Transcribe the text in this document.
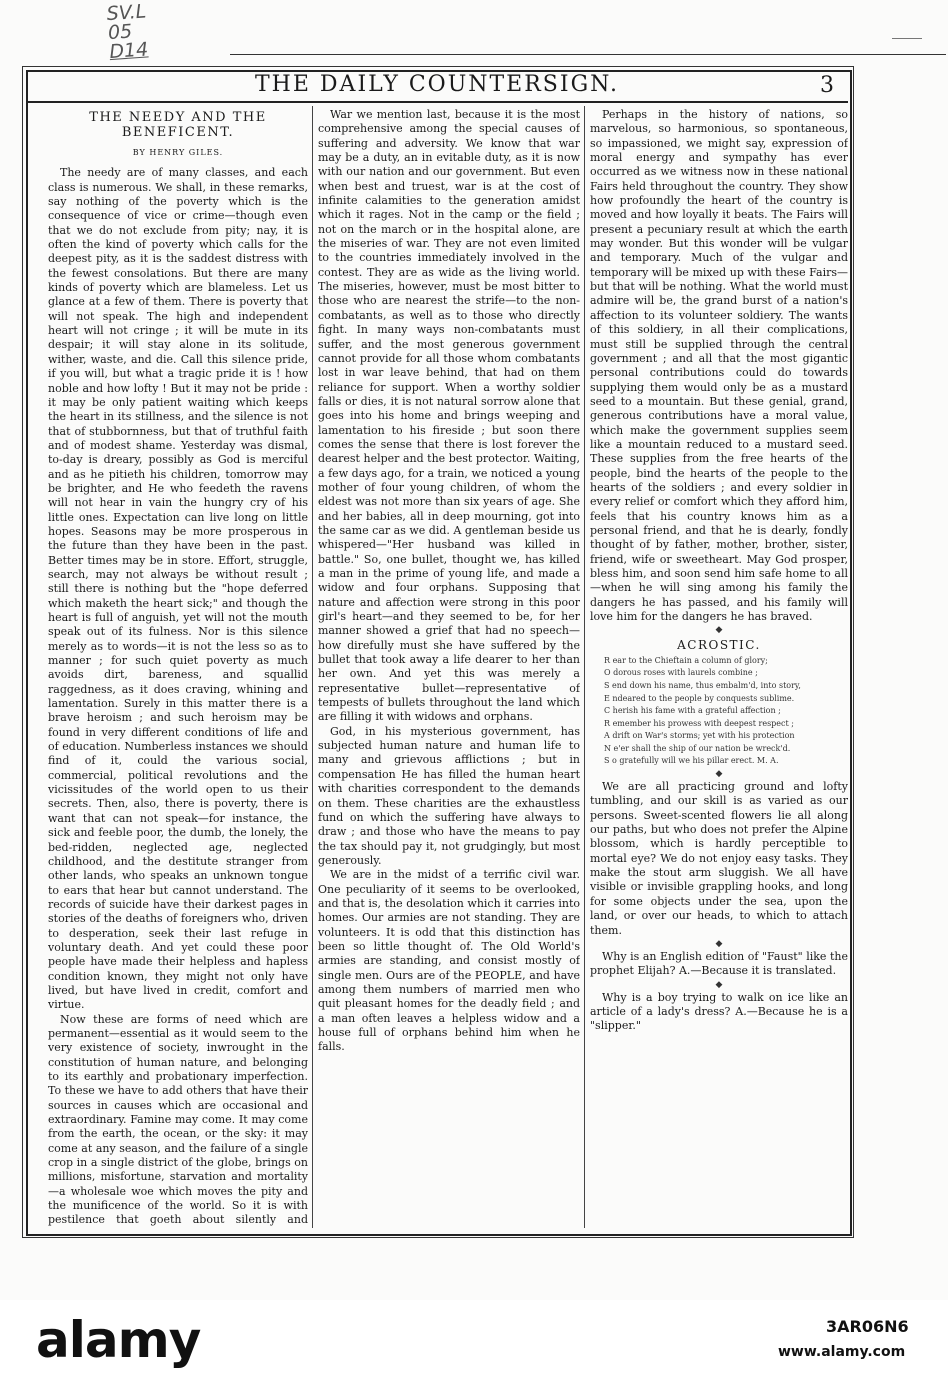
SV.L
05
D14
THE DAILY COUNTERSIGN.	3
THE NEEDY AND THE BENEFICENT.
BY HENRY GILES.

The needy are of many classes, and each class is numerous. We shall, in these remarks, say nothing of the poverty which is the consequence of vice or crime—though even that we do not exclude from pity; nay, it is often the kind of poverty which calls for the deepest pity, as it is the saddest distress with the fewest consolations. But there are many kinds of poverty which are blameless. Let us glance at a few of them. There is poverty that will not speak. The high and independent heart will not cringe ; it will be mute in its despair; it will stay alone in its solitude, wither, waste, and die. Call this silence pride, if you will, but what a tragic pride it is ! how noble and how lofty ! But it may not be pride : it may be only patient waiting which keeps the heart in its stillness, and the silence is not that of stubbornness, but that of truthful faith and of modest shame. Yesterday was dismal, to-day is dreary, possibly as God is merciful and as he pitieth his children, tomorrow may be brighter, and He who feedeth the ravens will not hear in vain the hungry cry of his little ones. Expectation can live long on little hopes. Seasons may be more prosperous in the future than they have been in the past. Better times may be in store. Effort, struggle, search, may not always be without result ; still there is nothing but the "hope deferred which maketh the heart sick;" and though the heart is full of anguish, yet will not the mouth speak out of its fulness. Nor is this silence merely as to words—it is not the less so as to manner ; for such quiet poverty as much avoids dirt, bareness, and squallid raggedness, as it does craving, whining and lamentation. Surely in this matter there is a brave heroism ; and such heroism may be found in very different conditions of life and of education. Numberless instances we should find of it, could the various social, commercial, political revolutions and the vicissitudes of the world open to us their secrets. Then, also, there is poverty, there is want that can not speak—for instance, the sick and feeble poor, the dumb, the lonely, the bed-ridden, neglected age, neglected childhood, and the destitute stranger from other lands, who speaks an unknown tongue to ears that hear but cannot understand. The records of suicide have their darkest pages in stories of the deaths of foreigners who, driven to desperation, seek their last refuge in voluntary death. And yet could these poor people have made their helpless and hapless condition known, they might not only have lived, but have lived in credit, comfort and virtue.

Now these are forms of need which are permanent—essential as it would seem to the very existence of society, inwrought in the constitution of human nature, and belonging to its earthly and probationary imperfection. To these we have to add others that have their sources in causes which are occasional and extraordinary. Famine may come. It may come from the earth, the ocean, or the sky: it may come at any season, and the failure of a single crop in a single district of the globe, brings on millions, misfortune, starvation and mortality—a wholesale woe which moves the pity and the munificence of the world. So it is with pestilence that goeth about silently and

War we mention last, because it is the most comprehensive among the special causes of suffering and adversity. We know that war may be a duty, an in evitable duty, as it is now with our nation and our government. But even when best and truest, war is at the cost of infinite calamities to the generation amidst which it rages. Not in the camp or the field ; not on the march or in the hospital alone, are the miseries of war. They are not even limited to the countries immediately involved in the contest. They are as wide as the living world. The miseries, however, must be most bitter to those who are nearest the strife—to the non-combatants, as well as to those who directly fight. In many ways non-combatants must suffer, and the most generous government cannot provide for all those whom combatants lost in war leave behind, that had on them reliance for support. When a worthy soldier falls or dies, it is not natural sorrow alone that goes into his home and brings weeping and lamentation to his fireside ; but soon there comes the sense that there is lost forever the dearest helper and the best protector. Waiting, a few days ago, for a train, we noticed a young mother of four young children, of whom the eldest was not more than six years of age. She and her babies, all in deep mourning, got into the same car as we did. A gentleman beside us whispered—"Her husband was killed in battle." So, one bullet, thought we, has killed a man in the prime of young life, and made a widow and four orphans. Supposing that nature and affection were strong in this poor girl's heart—and they seemed to be, for her manner showed a grief that had no speech—how direfully must she have suffered by the bullet that took away a life dearer to her than her own. And yet this was merely a representative bullet—representative of tempests of bullets throughout the land which are filling it with widows and orphans.

God, in his mysterious government, has subjected human nature and human life to many and grievous afflictions ; but in compensation He has filled the human heart with charities correspondent to the demands on them. These charities are the exhaustless fund on which the suffering have always to draw ; and those who have the means to pay the tax should pay it, not grudgingly, but most generously.

We are in the midst of a terrific civil war. One peculiarity of it seems to be overlooked, and that is, the desolation which it carries into homes. Our armies are not standing. They are volunteers. It is odd that this distinction has been so little thought of. The Old World's armies are standing, and consist mostly of single men. Ours are of the PEOPLE, and have among them numbers of married men who quit pleasant homes for the deadly field ; and a man often leaves a helpless widow and a house full of orphans behind him when he falls.

Perhaps in the history of nations, so marvelous, so harmonious, so spontaneous, so impassioned, we might say, expression of moral energy and sympathy has ever occurred as we witness now in these national Fairs held throughout the country. They show how profoundly the heart of the country is moved and how loyally it beats. The Fairs will present a pecuniary result at which the earth may wonder. But this wonder will be vulgar and temporary. Much of the vulgar and temporary will be mixed up with these Fairs—but that will be nothing. What the world must admire will be, the grand burst of a nation's affection to its volunteer soldiery. The wants of this soldiery, in all their complications, must still be supplied through the central government ; and all that the most gigantic personal contributions could do towards supplying them would only be as a mustard seed to a mountain. But these genial, grand, generous contributions have a moral value, which make the government supplies seem like a mountain reduced to a mustard seed. These supplies from the free hearts of the people, bind the hearts of the people to the hearts of the soldiers ; and every soldier in every relief or comfort which they afford him, feels that his country knows him as a personal friend, and that he is dearly, fondly thought of by father, mother, brother, sister, friend, wife or sweetheart. May God prosper, bless him, and soon send him safe home to all—when he will sing among his family the dangers he has passed, and his family will love him for the dangers he has braved.

◆
ACROSTIC.
R ear to the Chieftain a column of glory;
O dorous roses with laurels combine ;
S end down his name, thus embalm'd, into story,
E ndeared to the people by conquests sublime.
C herish his fame with a grateful affection ;
R emember his prowess with deepest respect ;
A drift on War's storms; yet with his protection
N e'er shall the ship of our nation be wreck'd.
S o gratefully will we his pillar erect. M. A.
◆

We are all practicing ground and lofty tumbling, and our skill is as varied as our persons. Sweet-scented flowers lie all along our paths, but who does not prefer the Alpine blossom, which is hardly perceptible to mortal eye? We do not enjoy easy tasks. They make the stout arm sluggish. We all have visible or invisible grappling hooks, and long for some objects under the sea, upon the land, or over our heads, to which to attach them.

◆

Why is an English edition of "Faust" like the prophet Elijah? A.—Because it is translated.

◆

Why is a boy trying to walk on ice like an article of a lady's dress? A.—Because he is a "slipper."

alamy	3AR06N6
www.alamy.com
